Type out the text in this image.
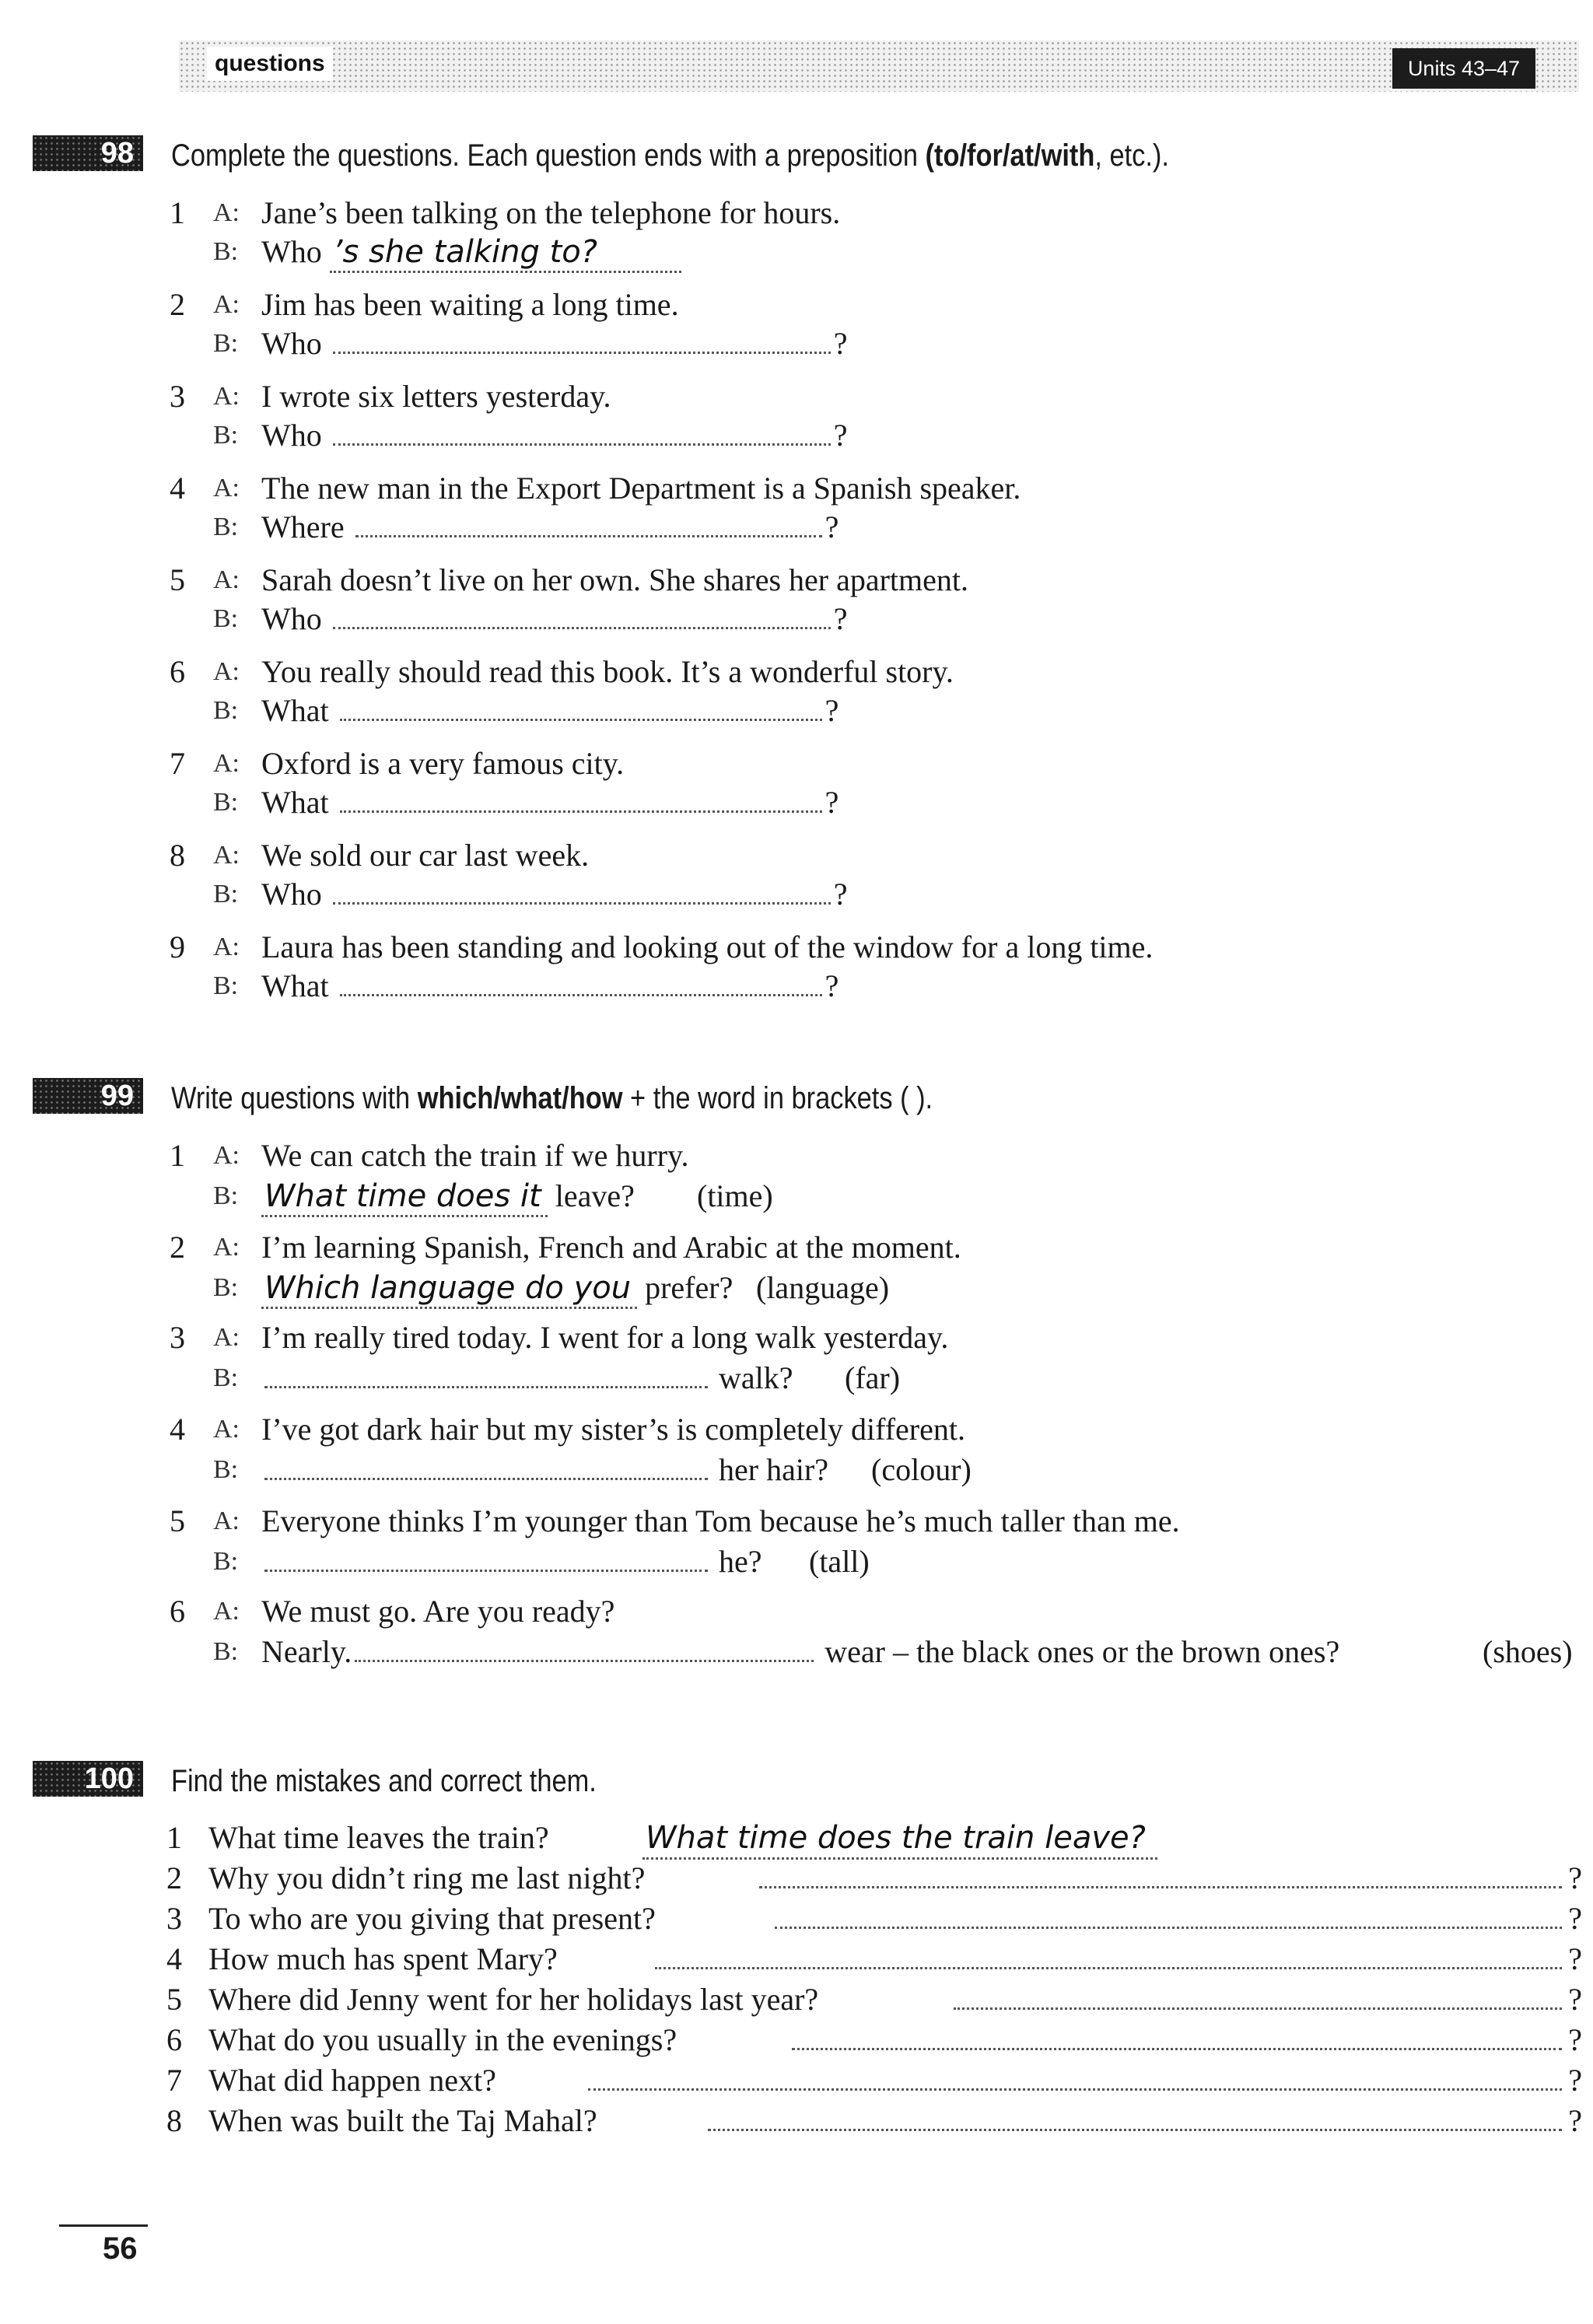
questions	Units 43–47
98	Complete the questions. Each question ends with a preposition (to/for/at/with, etc.).
1	A: Jane’s been talking on the telephone for hours.
B: Who ’s she talking to?
2	A: Jim has been waiting a long time.
B: Who	?
3	A: I wrote six letters yesterday.
B: Who	?
4	A: The new man in the Export Department is a Spanish speaker.
B: Where	?
5	A: Sarah doesn’t live on her own. She shares her apartment.
B: Who	?
6	A: You really should read this book. It’s a wonderful story.
B: What	?
7	A: Oxford is a very famous city.
B: What	?
8	A: We sold our car last week.
B: Who	?
9	A: Laura has been standing and looking out of the window for a long time.
B: What	?
99	Write questions with which/what/how + the word in brackets ( ).
1	A: We can catch the train if we hurry.
B: What time does it leave? (time)
2	A: I’m learning Spanish, French and Arabic at the moment.
B: Which language do you prefer? (language)
3	A: I’m really tired today. I went for a long walk yesterday.
B:	walk? (far)
4	A: I’ve got dark hair but my sister’s is completely different.
B:	her hair? (colour)
5	A: Everyone thinks I’m younger than Tom because he’s much taller than me.
B:	he? (tall)
6	A: We must go. Are you ready?
B: Nearly.	wear – the black ones or the brown ones?	(shoes)
100	Find the mistakes and correct them.
1 What time leaves the train?	What time does the train leave?
2 Why you didn’t ring me last night?	?
3 To who are you giving that present?	?
4 How much has spent Mary?	?
5 Where did Jenny went for her holidays last year?	?
6 What do you usually in the evenings?	?
7 What did happen next?	?
8 When was built the Taj Mahal?	?
56
